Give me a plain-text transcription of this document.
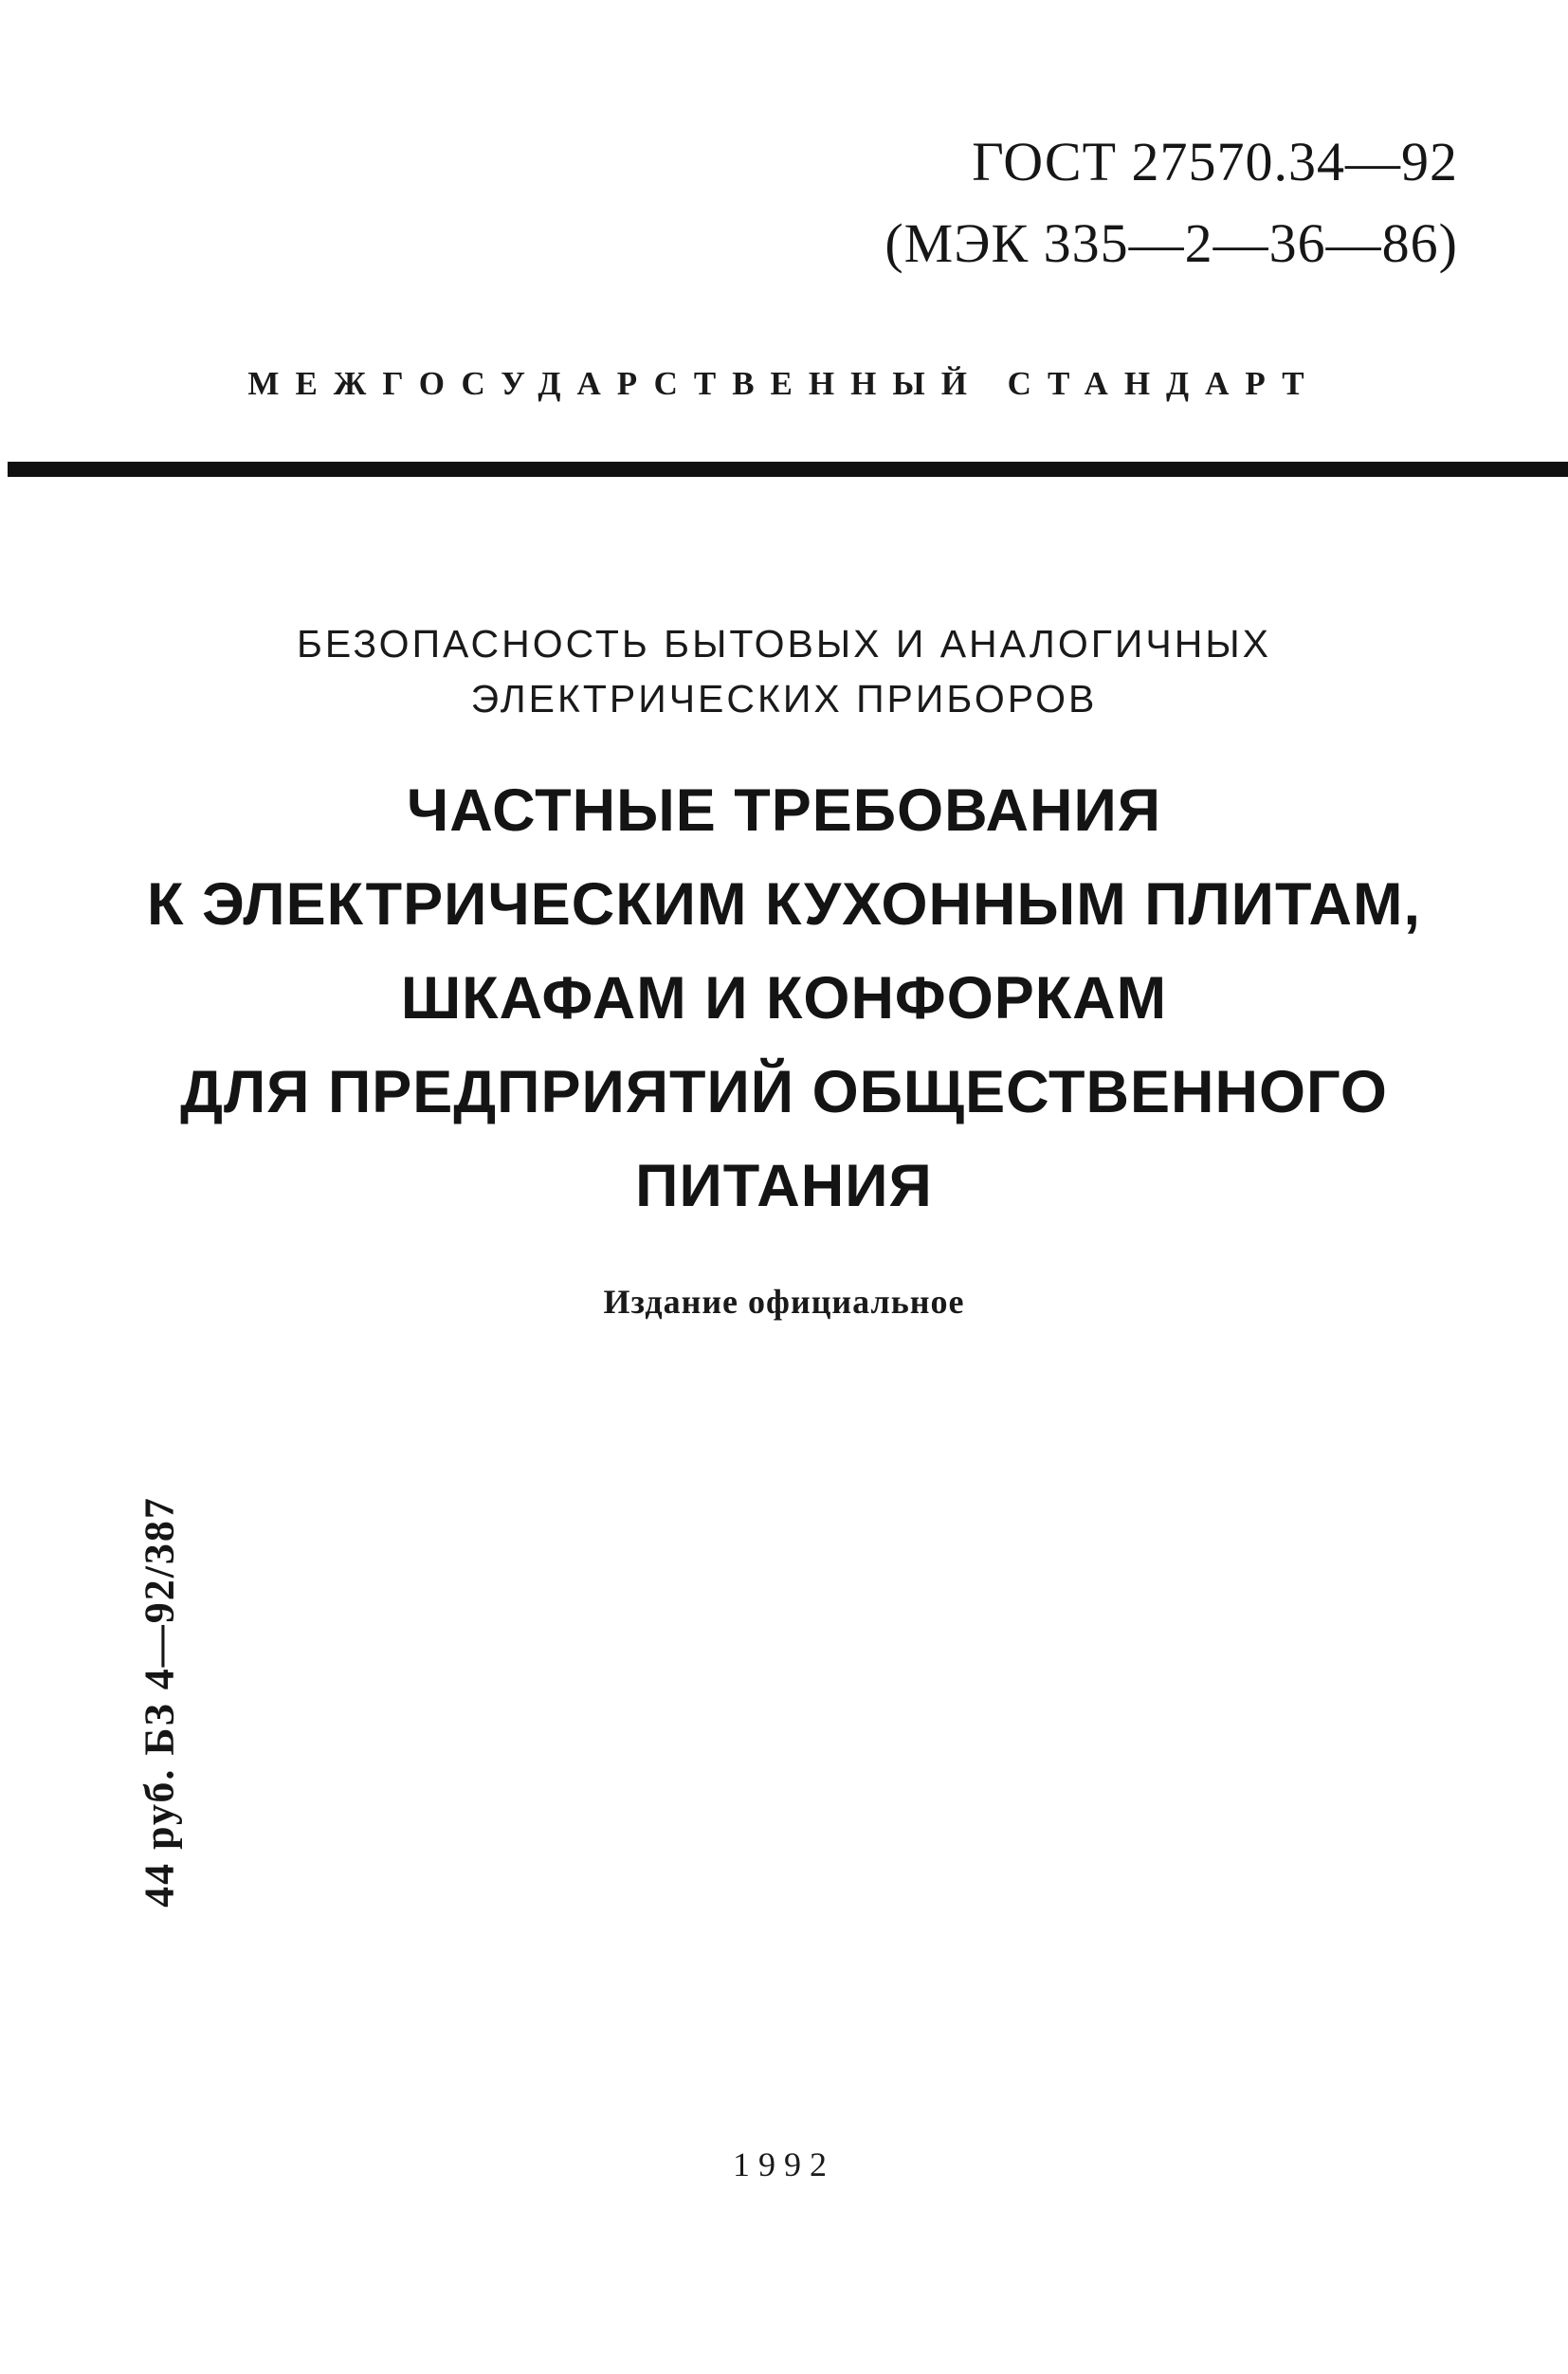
ГОСТ 27570.34—92
(МЭК 335—2—36—86)
МЕЖГОСУДАРСТВЕННЫЙ СТАНДАРТ
БЕЗОПАСНОСТЬ БЫТОВЫХ И АНАЛОГИЧНЫХ
ЭЛЕКТРИЧЕСКИХ ПРИБОРОВ
ЧАСТНЫЕ ТРЕБОВАНИЯ
К ЭЛЕКТРИЧЕСКИМ КУХОННЫМ ПЛИТАМ,
ШКАФАМ И КОНФОРКАМ
ДЛЯ ПРЕДПРИЯТИЙ ОБЩЕСТВЕННОГО
ПИТАНИЯ
Издание официальное
44 руб. БЗ 4—92/387
1992
